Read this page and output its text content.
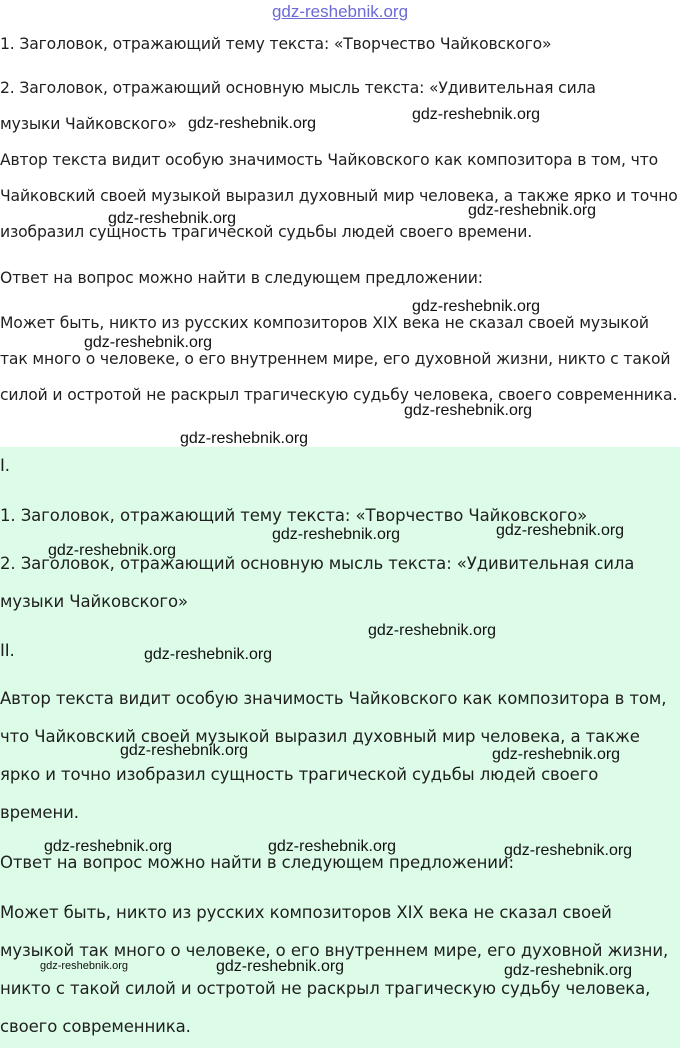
gdz-reshebnik.org

1. Заголовок, отражающий тему текста: «Творчество Чайковского»

2. Заголовок, отражающий основную мысль текста: «Удивительная сила музыки Чайковского»

Автор текста видит особую значимость Чайковского как композитора в том, что Чайковский своей музыкой выразил духовный мир человека, а также ярко и точно изобразил сущность трагической судьбы людей своего времени.

Ответ на вопрос можно найти в следующем предложении:

Может быть, никто из русских композиторов XIX века не сказал своей музыкой так много о человеке, о его внутреннем мире, его духовной жизни, никто с такой силой и остротой не раскрыл трагическую судьбу человека, своего современника.

I.

1. Заголовок, отражающий тему текста: «Творчество Чайковского»

2. Заголовок, отражающий основную мысль текста: «Удивительная сила музыки Чайковского»

II.

Автор текста видит особую значимость Чайковского как композитора в том, что Чайковский своей музыкой выразил духовный мир человека, а также ярко и точно изобразил сущность трагической судьбы людей своего времени.

Ответ на вопрос можно найти в следующем предложении:

Может быть, никто из русских композиторов XIX века не сказал своей музыкой так много о человеке, о его внутреннем мире, его духовной жизни, никто с такой силой и остротой не раскрыл трагическую судьбу человека, своего современника.

gdz-reshebnik.org
gdz-reshebnik.org
gdz-reshebnik.org
gdz-reshebnik.org
gdz-reshebnik.org
gdz-reshebnik.org
gdz-reshebnik.org
gdz-reshebnik.org
gdz-reshebnik.org
gdz-reshebnik.org
gdz-reshebnik.org
gdz-reshebnik.org
gdz-reshebnik.org
gdz-reshebnik.org	gdz-reshebnik.org
gdz-reshebnik.org	gdz-reshebnik.org	gdz-reshebnik.org
gdz-reshebnik.org	gdz-reshebnik.org	gdz-reshebnik.org
